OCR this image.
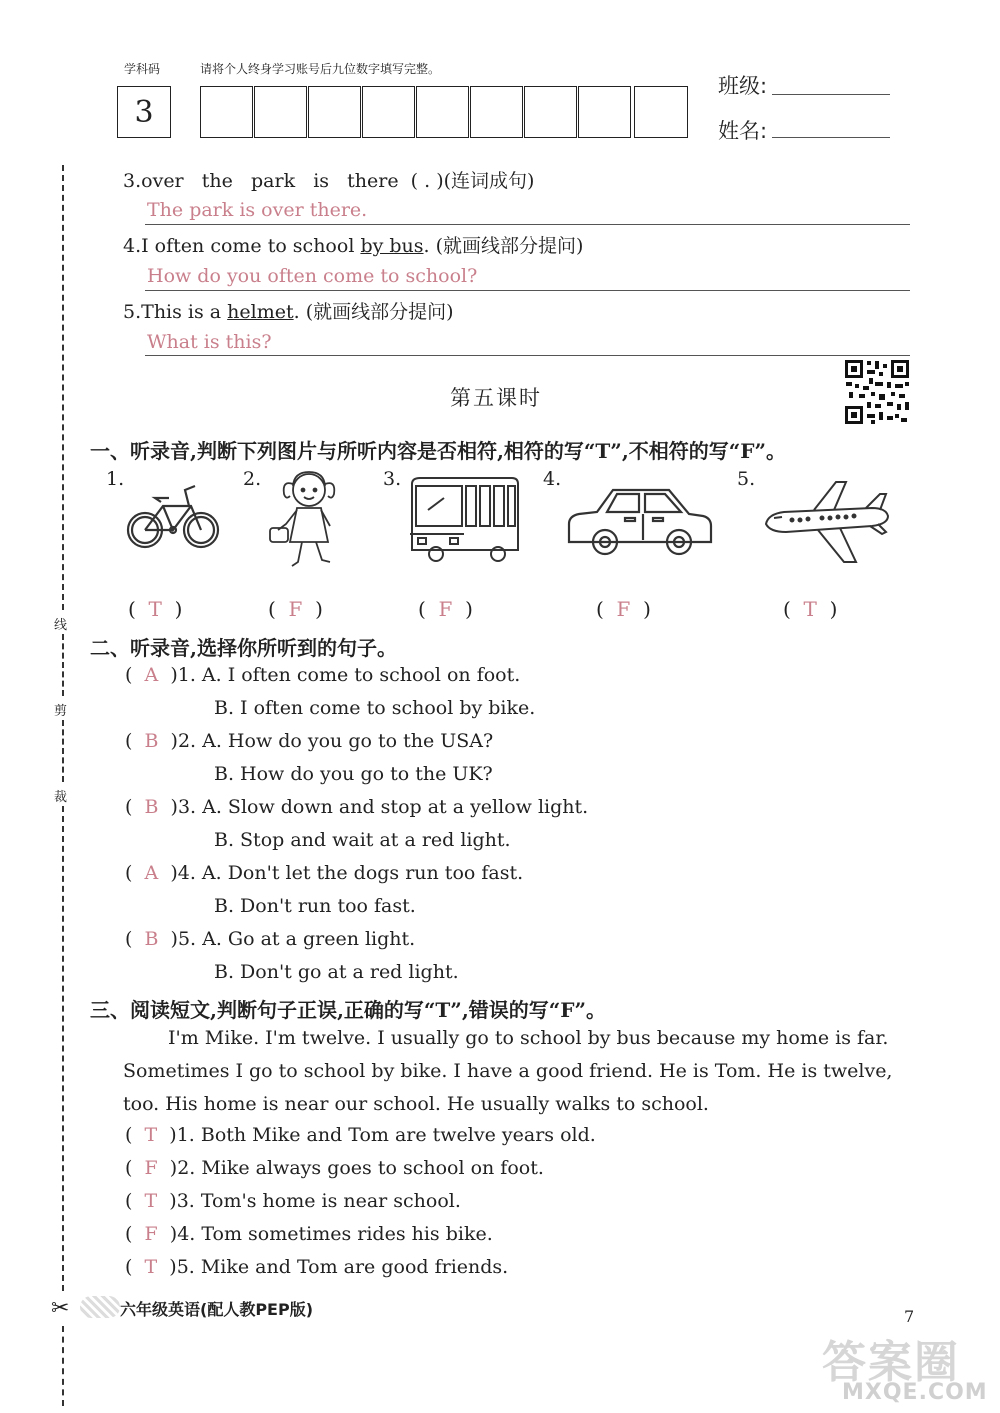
学科码	请将个人终身学习账号后九位数字填写完整。
3
班级:
姓名:
线
剪
裁
✂
3.over   the   park   is   there  ( . )(连词成句)
The park is over there.
4.I often come to school by bus. (就画线部分提问)
How do you often come to school?
5.This is a helmet. (就画线部分提问)
What is this?
第五课时
一、听录音,判断下列图片与所听内容是否相符,相符的写“T”,不相符的写“F”。
1.	2.	3.	4.	5.
(  T  )	(  F  )	(  F  )	(  F  )	(  T  )
二、听录音,选择你所听到的句子。
(  A  )1. A. I often come to school on foot.
B. I often come to school by bike.
(  B  )2. A. How do you go to the USA?
B. How do you go to the UK?
(  B  )3. A. Slow down and stop at a yellow light.
B. Stop and wait at a red light.
(  A  )4. A. Don't let the dogs run too fast.
B. Don't run too fast.
(  B  )5. A. Go at a green light.
B. Don't go at a red light.
三、阅读短文,判断句子正误,正确的写“T”,错误的写“F”。
I'm Mike. I'm twelve. I usually go to school by bus because my home is far.
Sometimes I go to school by bike. I have a good friend. He is Tom. He is twelve,
too. His home is near our school. He usually walks to school.
(  T  )1. Both Mike and Tom are twelve years old.
(  F  )2. Mike always goes to school on foot.
(  T  )3. Tom's home is near school.
(  F  )4. Tom sometimes rides his bike.
(  T  )5. Mike and Tom are good friends.
六年级英语(配人教PEP版)	7
答案圈
MXQE.COM
